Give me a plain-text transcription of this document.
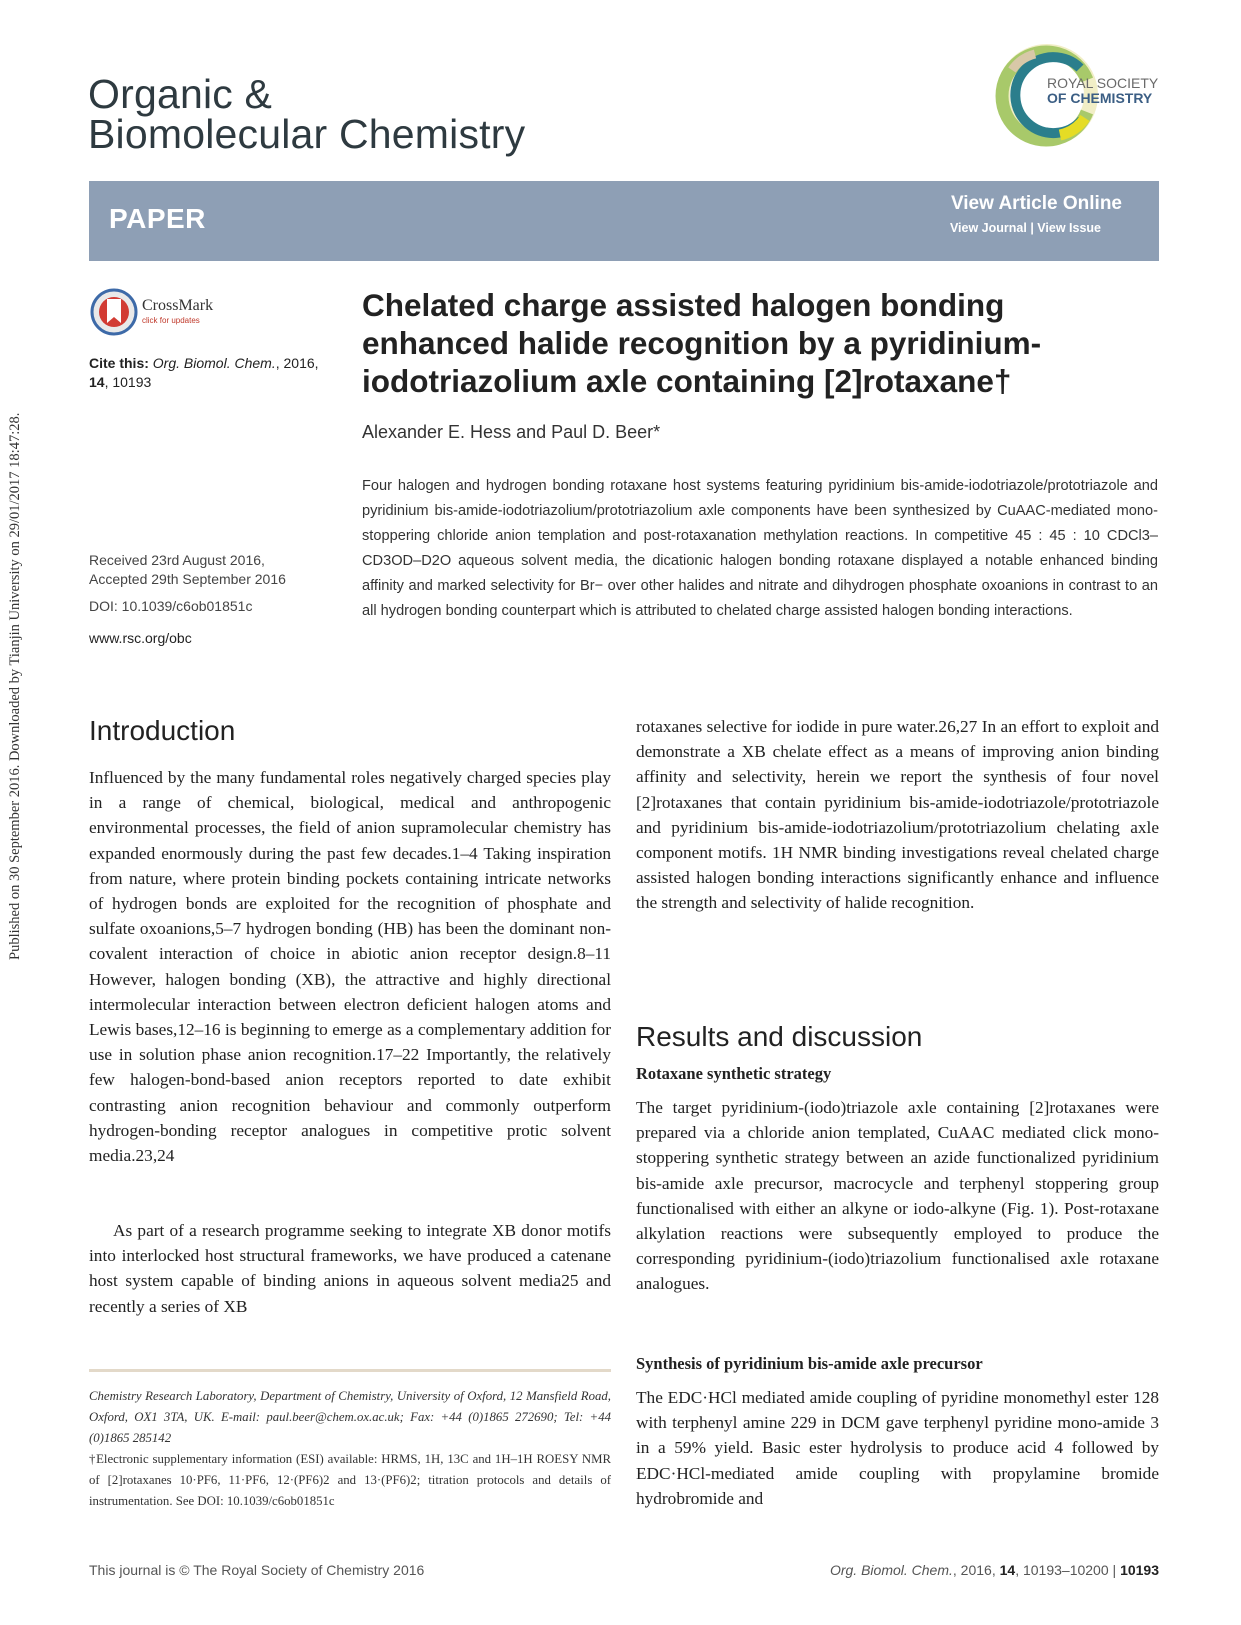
Published on 30 September 2016. Downloaded by Tianjin University on 29/01/2017 18:47:28.
Organic &
Biomolecular Chemistry
ROYAL SOCIETY
OF CHEMISTRY
PAPER	View Article Online
View Journal | View Issue
CrossMark
click for updates
Cite this: Org. Biomol. Chem., 2016,
14, 10193
Received 23rd August 2016,
Accepted 29th September 2016
DOI: 10.1039/c6ob01851c
www.rsc.org/obc
Chelated charge assisted halogen bonding enhanced halide recognition by a pyridinium-iodotriazolium axle containing [2]rotaxane†
Alexander E. Hess and Paul D. Beer*
Four halogen and hydrogen bonding rotaxane host systems featuring pyridinium bis-amide-iodotriazole/prototriazole and pyridinium bis-amide-iodotriazolium/prototriazolium axle components have been synthesized by CuAAC-mediated mono-stoppering chloride anion templation and post-rotaxanation methylation reactions. In competitive 45 : 45 : 10 CDCl3–CD3OD–D2O aqueous solvent media, the dicationic halogen bonding rotaxane displayed a notable enhanced binding affinity and marked selectivity for Br− over other halides and nitrate and dihydrogen phosphate oxoanions in contrast to an all hydrogen bonding counterpart which is attributed to chelated charge assisted halogen bonding interactions.
Introduction
Influenced by the many fundamental roles negatively charged species play in a range of chemical, biological, medical and anthropogenic environmental processes, the field of anion supramolecular chemistry has expanded enormously during the past few decades.1–4 Taking inspiration from nature, where protein binding pockets containing intricate networks of hydrogen bonds are exploited for the recognition of phosphate and sulfate oxoanions,5–7 hydrogen bonding (HB) has been the dominant non-covalent interaction of choice in abiotic anion receptor design.8–11 However, halogen bonding (XB), the attractive and highly directional intermolecular interaction between electron deficient halogen atoms and Lewis bases,12–16 is beginning to emerge as a complementary addition for use in solution phase anion recognition.17–22 Importantly, the relatively few halogen-bond-based anion receptors reported to date exhibit contrasting anion recognition behaviour and commonly outperform hydrogen-bonding receptor analogues in competitive protic solvent media.23,24
As part of a research programme seeking to integrate XB donor motifs into interlocked host structural frameworks, we have produced a catenane host system capable of binding anions in aqueous solvent media25 and recently a series of XB
rotaxanes selective for iodide in pure water.26,27 In an effort to exploit and demonstrate a XB chelate effect as a means of improving anion binding affinity and selectivity, herein we report the synthesis of four novel [2]rotaxanes that contain pyridinium bis-amide-iodotriazole/prototriazole and pyridinium bis-amide-iodotriazolium/prototriazolium chelating axle component motifs. 1H NMR binding investigations reveal chelated charge assisted halogen bonding interactions significantly enhance and influence the strength and selectivity of halide recognition.
Results and discussion
Rotaxane synthetic strategy
The target pyridinium-(iodo)triazole axle containing [2]rotaxanes were prepared via a chloride anion templated, CuAAC mediated click mono-stoppering synthetic strategy between an azide functionalized pyridinium bis-amide axle precursor, macrocycle and terphenyl stoppering group functionalised with either an alkyne or iodo-alkyne (Fig. 1). Post-rotaxane alkylation reactions were subsequently employed to produce the corresponding pyridinium-(iodo)triazolium functionalised axle rotaxane analogues.
Synthesis of pyridinium bis-amide axle precursor
The EDC·HCl mediated amide coupling of pyridine monomethyl ester 128 with terphenyl amine 229 in DCM gave terphenyl pyridine mono-amide 3 in a 59% yield. Basic ester hydrolysis to produce acid 4 followed by EDC·HCl-mediated amide coupling with propylamine bromide hydrobromide and
Chemistry Research Laboratory, Department of Chemistry, University of Oxford, 12 Mansfield Road, Oxford, OX1 3TA, UK. E-mail: paul.beer@chem.ox.ac.uk; Fax: +44 (0)1865 272690; Tel: +44 (0)1865 285142
†Electronic supplementary information (ESI) available: HRMS, 1H, 13C and 1H–1H ROESY NMR of [2]rotaxanes 10·PF6, 11·PF6, 12·(PF6)2 and 13·(PF6)2; titration protocols and details of instrumentation. See DOI: 10.1039/c6ob01851c
This journal is © The Royal Society of Chemistry 2016	Org. Biomol. Chem., 2016, 14, 10193–10200 | 10193
